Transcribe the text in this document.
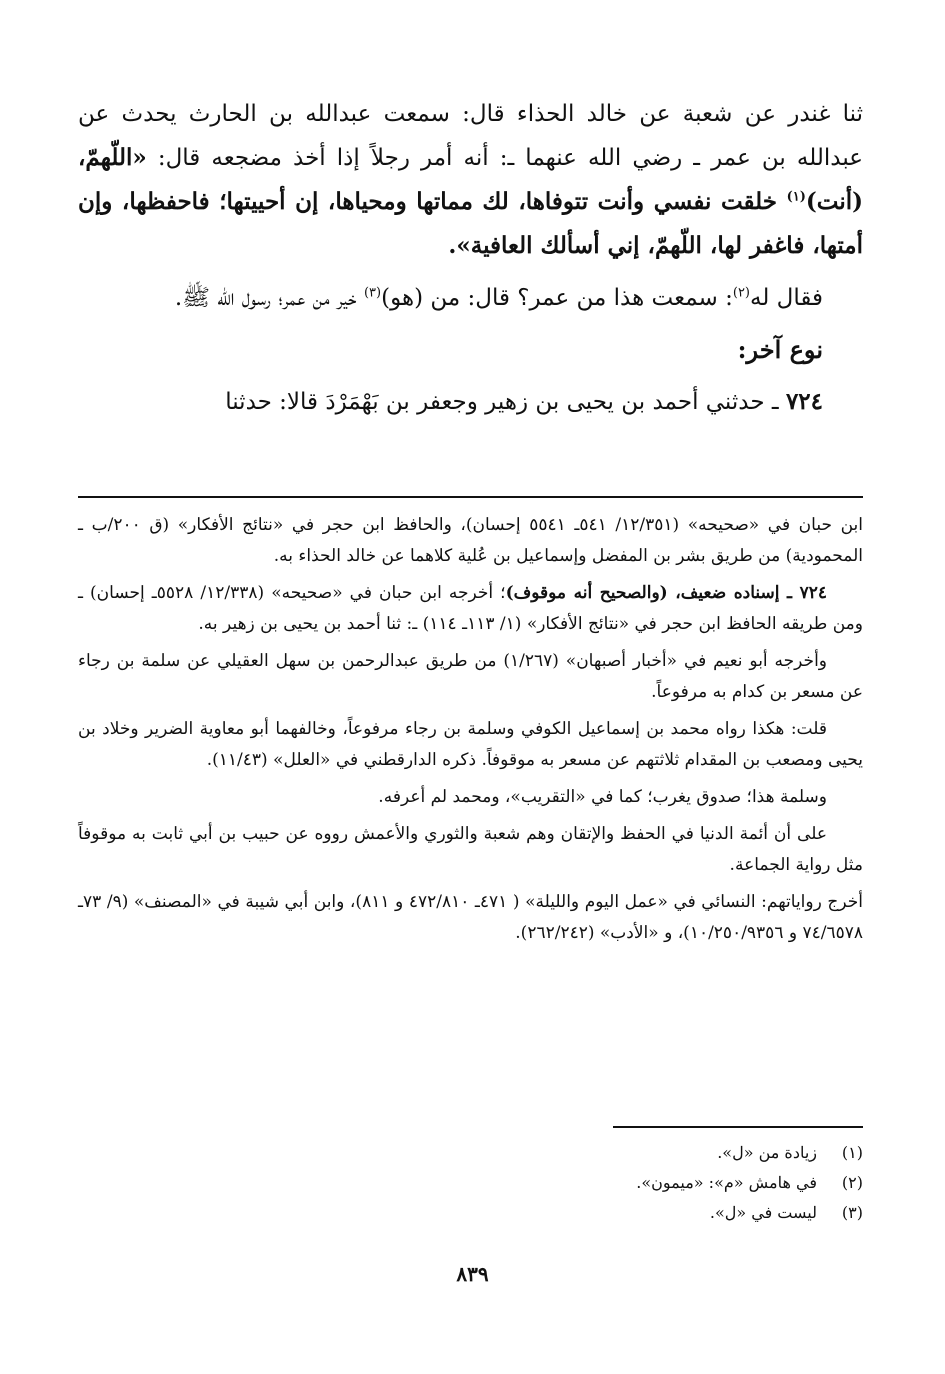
ثنا غندر عن شعبة عن خالد الحذاء قال: سمعت عبدالله بن الحارث يحدث عن عبدالله بن عمر ـ رضي الله عنهما ـ: أنه أمر رجلاً إذا أخذ مضجعه قال: «اللّهمّ، (أنت)$^{(١)}$ خلقت نفسي وأنت تتوفاها، لك مماتها ومحياها، إن أحييتها؛ فاحفظها، وإن أمتها، فاغفر لها، اللّهمّ، إني أسألك العافية».

فقال له$^{(٢)}$: سمعت هذا من عمر؟ قال: من (هو)$^{(٣)}$ خير من عمر؛ رسول الله ﷺ.

نوع آخر:

٧٢٤ ـ حدثني أحمد بن يحيى بن زهير وجعفر بن بَهْمَرْدَ قالا: حدثنا

ابن حبان في «صحيحه» (١٢/٣٥١/ ٥٤١ـ ٥٥٤١ إحسان)، والحافظ ابن حجر في «نتائج الأفكار» (ق ٢٠٠/ب ـ المحمودية) من طريق بشر بن المفضل وإسماعيل بن عُلية كلاهما عن خالد الحذاء به.

٧٢٤ ـ إسناده ضعيف، (والصحيح أنه موقوف)؛ أخرجه ابن حبان في «صحيحه» (١٢/٣٣٨/ ٥٥٢٨ـ إحسان) ـ ومن طريقه الحافظ ابن حجر في «نتائج الأفكار» (١/ ١١٣ـ ١١٤) ـ: ثنا أحمد بن يحيى بن زهير به.

وأخرجه أبو نعيم في «أخبار أصبهان» (١/٢٦٧) من طريق عبدالرحمن بن سهل العقيلي عن سلمة بن رجاء عن مسعر بن كدام به مرفوعاً.

قلت: هكذا رواه محمد بن إسماعيل الكوفي وسلمة بن رجاء مرفوعاً، وخالفهما أبو معاوية الضرير وخلاد بن يحيى ومصعب بن المقدام ثلاثتهم عن مسعر به موقوفاً. ذكره الدارقطني في «العلل» (١١/٤٣).

وسلمة هذا؛ صدوق يغرب؛ كما في «التقريب»، ومحمد لم أعرفه.

على أن أئمة الدنيا في الحفظ والإتقان وهم شعبة والثوري والأعمش رووه عن حبيب بن أبي ثابت به موقوفاً مثل رواية الجماعة.

أخرج رواياتهم: النسائي في «عمل اليوم والليلة» ( ٤٧١ـ ٤٧٢/٨١٠ و ٨١١)، وابن أبي شيبة في «المصنف» (٩/ ٧٣ـ ٧٤/٦٥٧٨ و ١٠/٢٥٠/٩٣٥٦)، و «الأدب» (٢٦٢/٢٤٢).

(١)
زيادة من «ل».
(٢)
في هامش «م»: «ميمون».
(٣)
ليست في «ل».
٨٣٩
